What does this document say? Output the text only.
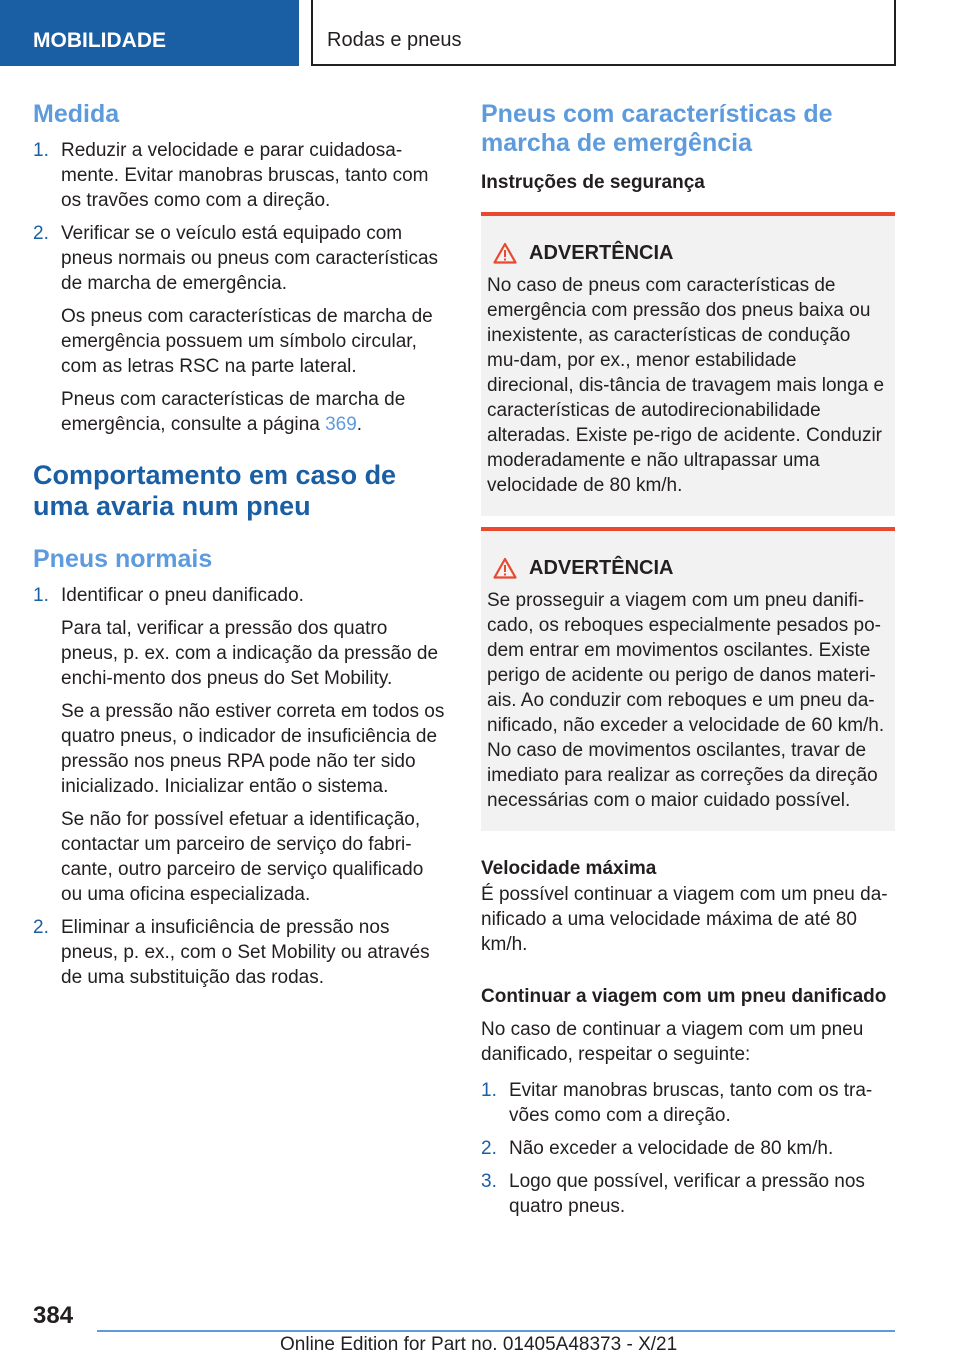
MOBILIDADE	Rodas e pneus
Medida
1. Reduzir a velocidade e parar cuidadosa-mente. Evitar manobras bruscas, tanto com os travões como com a direção.
2. Verificar se o veículo está equipado com pneus normais ou pneus com características de marcha de emergência.

Os pneus com características de marcha de emergência possuem um símbolo circular, com as letras RSC na parte lateral.

Pneus com características de marcha de emergência, consulte a página 369.

Comportamento em caso de uma avaria num pneu
Pneus normais
1. Identificar o pneu danificado.

Para tal, verificar a pressão dos quatro pneus, p. ex. com a indicação da pressão de enchi-mento dos pneus do Set Mobility.

Se a pressão não estiver correta em todos os quatro pneus, o indicador de insuficiência de pressão nos pneus RPA pode não ter sido inicializado. Inicializar então o sistema.

Se não for possível efetuar a identificação, contactar um parceiro de serviço do fabri-cante, outro parceiro de serviço qualificado ou uma oficina especializada.

2. Eliminar a insuficiência de pressão nos pneus, p. ex., com o Set Mobility ou através de uma substituição das rodas.
Pneus com características de marcha de emergência
Instruções de segurança
ADVERTÊNCIA

No caso de pneus com características de emergência com pressão dos pneus baixa ou inexistente, as características de condução mu-dam, por ex., menor estabilidade direcional, dis-tância de travagem mais longa e características de autodirecionabilidade alteradas. Existe pe-rigo de acidente. Conduzir moderadamente e não ultrapassar uma velocidade de 80 km/h.

ADVERTÊNCIA

Se prosseguir a viagem com um pneu danifi-cado, os reboques especialmente pesados po-dem entrar em movimentos oscilantes. Existe perigo de acidente ou perigo de danos materi-ais. Ao conduzir com reboques e um pneu da-nificado, não exceder a velocidade de 60 km/h. No caso de movimentos oscilantes, travar de imediato para realizar as correções da direção necessárias com o maior cuidado possível.

Velocidade máxima

É possível continuar a viagem com um pneu da-nificado a uma velocidade máxima de até 80 km/h.

Continuar a viagem com um pneu danificado

No caso de continuar a viagem com um pneu danificado, respeitar o seguinte:

1. Evitar manobras bruscas, tanto com os tra-vões como com a direção.
2. Não exceder a velocidade de 80 km/h.
3. Logo que possível, verificar a pressão nos quatro pneus.
384
Online Edition for Part no. 01405A48373 - X/21
